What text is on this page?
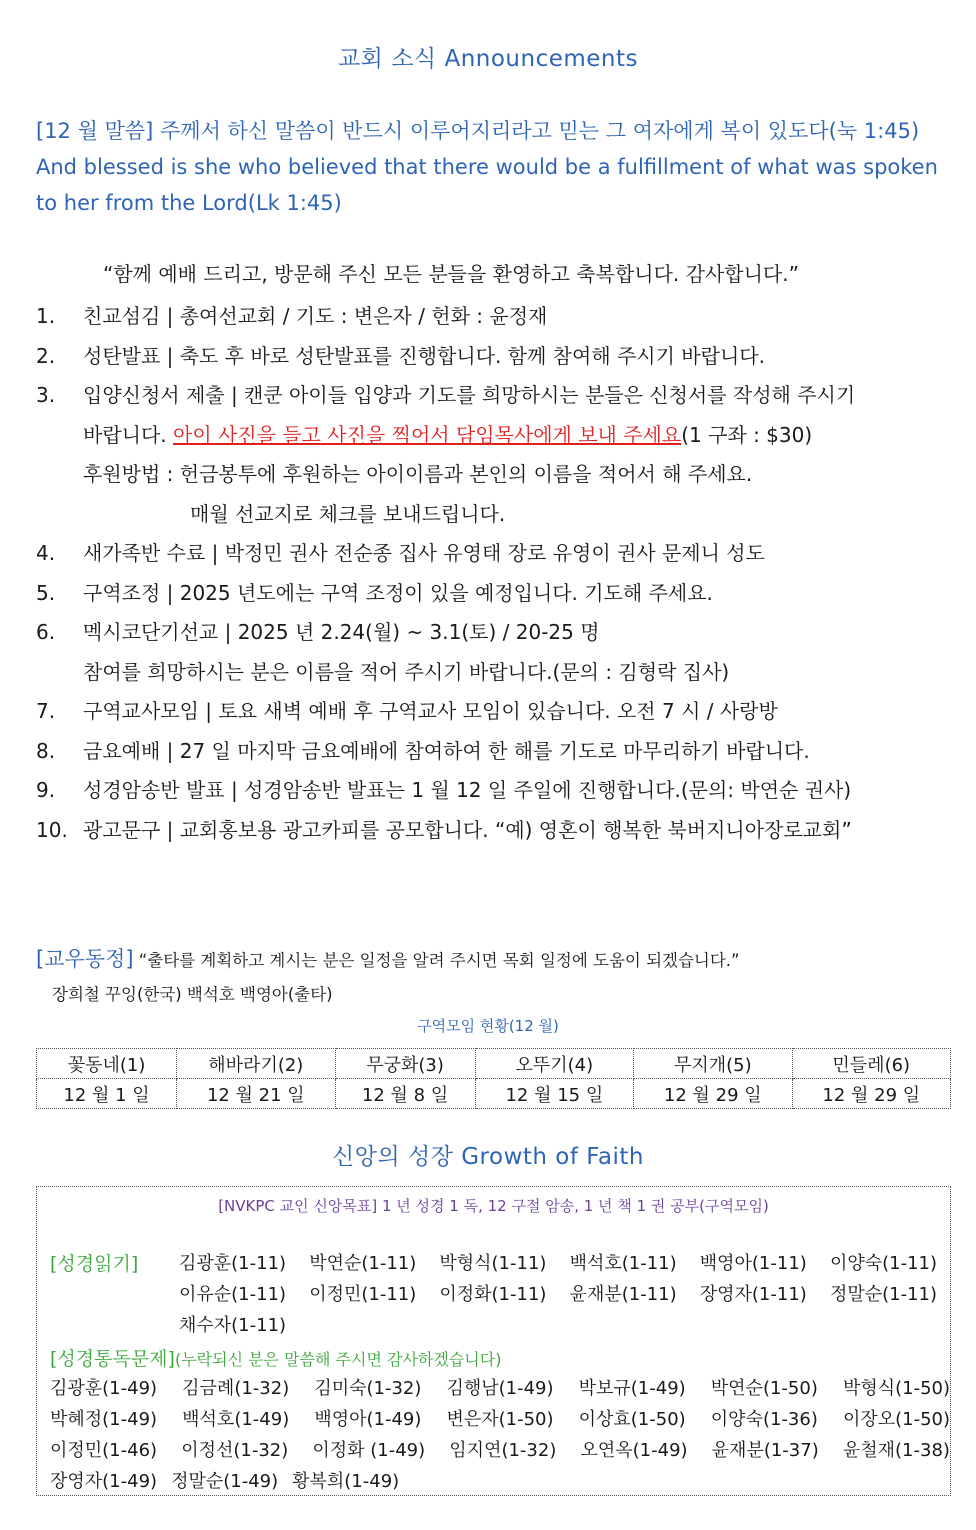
교회 소식 Announcements
[12 월 말씀] 주께서 하신 말씀이 반드시 이루어지리라고 믿는 그 여자에게 복이 있도다(눅 1:45)
And blessed is she who believed that there would be a fulfillment of what was spoken
to her from the Lord(Lk 1:45)
“함께 예배 드리고, 방문해 주신 모든 분들을 환영하고 축복합니다. 감사합니다.”
1.	친교섬김 | 총여선교회 / 기도 : 변은자 / 헌화 : 윤정재
2.	성탄발표 | 축도 후 바로 성탄발표를 진행합니다. 함께 참여해 주시기 바랍니다.
3.	입양신청서 제출 | 캔쿤 아이들 입양과 기도를 희망하시는 분들은 신청서를 작성해 주시기
바랍니다. 아이 사진을 들고 사진을 찍어서 담임목사에게 보내 주세요(1 구좌 : $30)
후원방법 : 헌금봉투에 후원하는 아이이름과 본인의 이름을 적어서 해 주세요.
매월 선교지로 체크를 보내드립니다.
4.	새가족반 수료 | 박정민 권사 전순종 집사 유영태 장로 유영이 권사 문제니 성도
5.	구역조정 | 2025 년도에는 구역 조정이 있을 예정입니다. 기도해 주세요.
6.	멕시코단기선교 | 2025 년 2.24(월) ~ 3.1(토) / 20-25 명
참여를 희망하시는 분은 이름을 적어 주시기 바랍니다.(문의 : 김형락 집사)
7.	구역교사모임 | 토요 새벽 예배 후 구역교사 모임이 있습니다. 오전 7 시 / 사랑방
8.	금요예배 | 27 일 마지막 금요예배에 참여하여 한 해를 기도로 마무리하기 바랍니다.
9.	성경암송반 발표 | 성경암송반 발표는 1 월 12 일 주일에 진행합니다.(문의: 박연순 권사)
10. 광고문구 | 교회홍보용 광고카피를 공모합니다. “예) 영혼이 행복한 북버지니아장로교회”
[교우동정] “출타를 계획하고 계시는 분은 일정을 알려 주시면 목회 일정에 도움이 되겠습니다.”
장희철 꾸잉(한국) 백석호 백영아(출타)
구역모임 현황(12 월)
꽃동네(1)	해바라기(2)	무궁화(3)	오뚜기(4)	무지개(5)	민들레(6)
12 월 1 일	12 월 21 일	12 월 8 일	12 월 15 일	12 월 29 일	12 월 29 일
신앙의 성장 Growth of Faith
[NVKPC 교인 신앙목표] 1 년 성경 1 독, 12 구절 암송, 1 년 책 1 권 공부(구역모임)
[성경읽기] 김광훈(1-11) 박연순(1-11) 박형식(1-11) 백석호(1-11) 백영아(1-11) 이양숙(1-11)
이유순(1-11) 이정민(1-11) 이정화(1-11) 윤재분(1-11) 장영자(1-11) 정말순(1-11)
채수자(1-11)
[성경통독문제](누락되신 분은 말씀해 주시면 감사하겠습니다)
김광훈(1-49) 김금례(1-32) 김미숙(1-32) 김행남(1-49) 박보규(1-49) 박연순(1-50) 박형식(1-50)
박혜정(1-49) 백석호(1-49) 백영아(1-49) 변은자(1-50) 이상효(1-50) 이양숙(1-36) 이장오(1-50)
이정민(1-46) 이정선(1-32) 이정화 (1-49) 임지연(1-32) 오연옥(1-49) 윤재분(1-37) 윤철재(1-38)
장영자(1-49) 정말순(1-49) 황복희(1-49)
